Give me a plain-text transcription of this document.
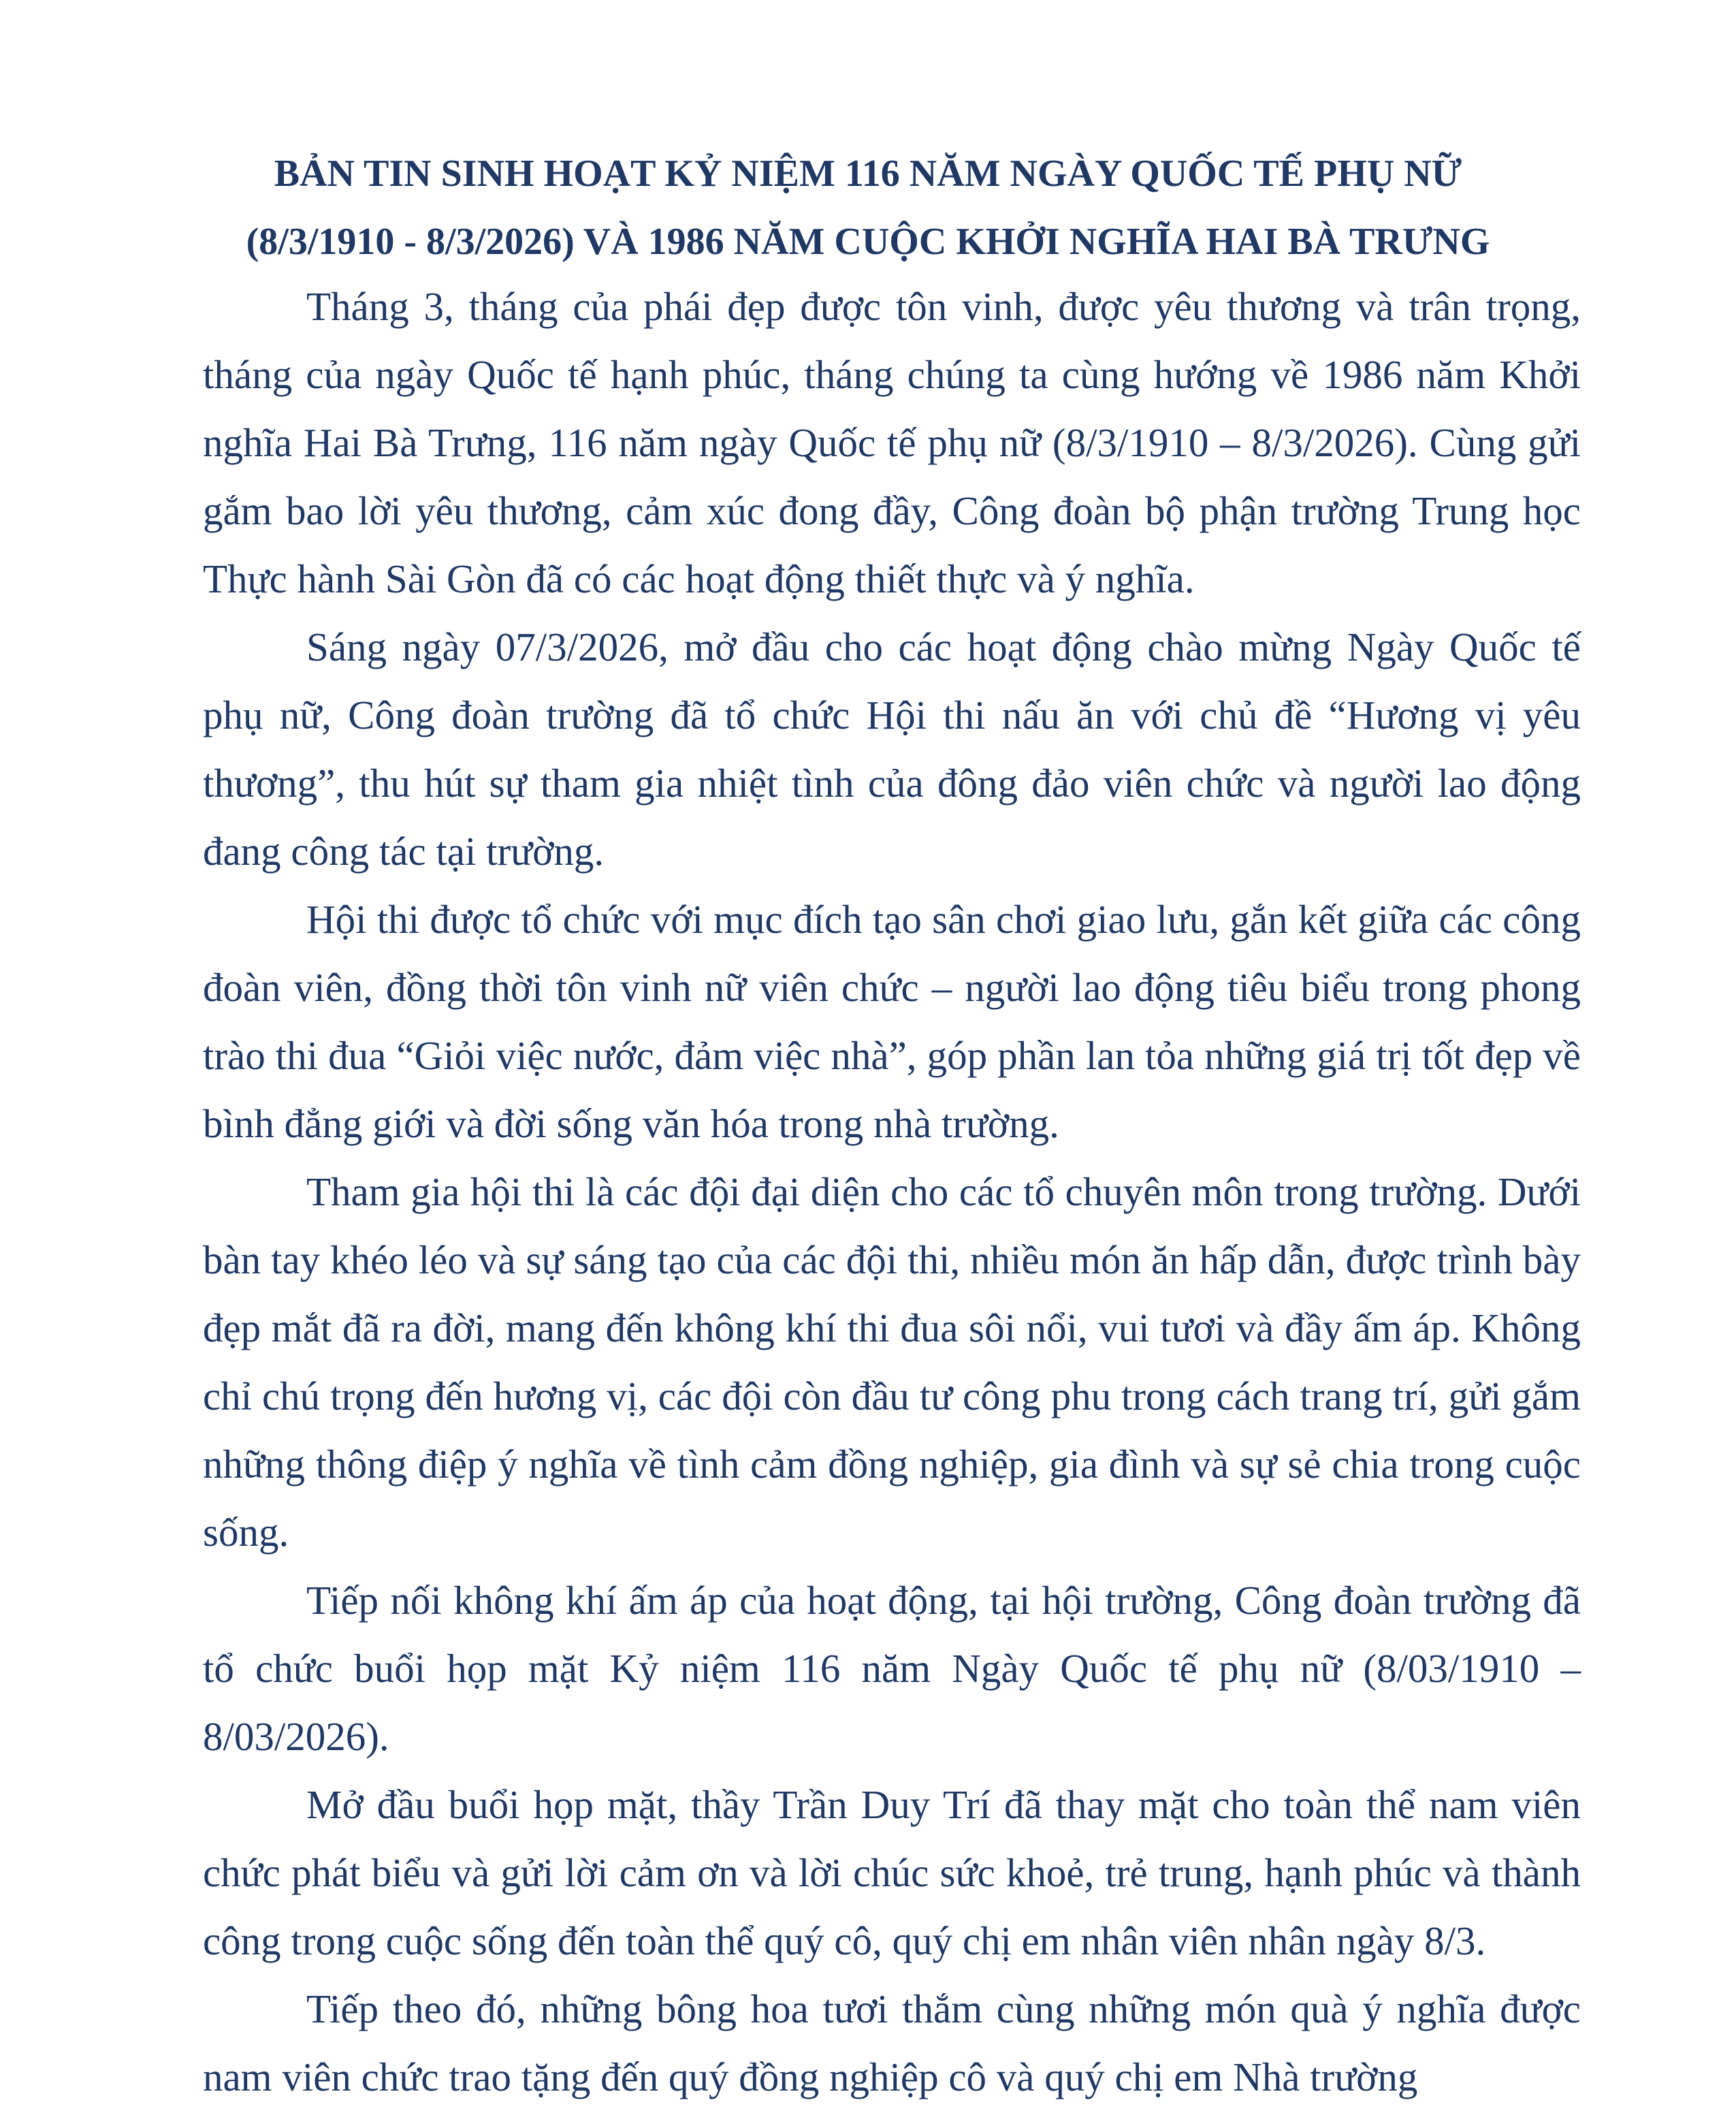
BẢN TIN SINH HOẠT KỶ NIỆM 116 NĂM NGÀY QUỐC TẾ PHỤ NỮ
(8/3/1910 - 8/3/2026) VÀ 1986 NĂM CUỘC KHỞI NGHĨA HAI BÀ TRƯNG

Tháng 3, tháng của phái đẹp được tôn vinh, được yêu thương và trân trọng, tháng của ngày Quốc tế hạnh phúc, tháng chúng ta cùng hướng về 1986 năm Khởi nghĩa Hai Bà Trưng, 116 năm ngày Quốc tế phụ nữ (8/3/1910 – 8/3/2026). Cùng gửi gắm bao lời yêu thương, cảm xúc đong đầy, Công đoàn bộ phận trường Trung học Thực hành Sài Gòn đã có các hoạt động thiết thực và ý nghĩa.

Sáng ngày 07/3/2026, mở đầu cho các hoạt động chào mừng Ngày Quốc tế phụ nữ, Công đoàn trường đã tổ chức Hội thi nấu ăn với chủ đề “Hương vị yêu thương”, thu hút sự tham gia nhiệt tình của đông đảo viên chức và người lao động đang công tác tại trường.

Hội thi được tổ chức với mục đích tạo sân chơi giao lưu, gắn kết giữa các công đoàn viên, đồng thời tôn vinh nữ viên chức – người lao động tiêu biểu trong phong trào thi đua “Giỏi việc nước, đảm việc nhà”, góp phần lan tỏa những giá trị tốt đẹp về bình đẳng giới và đời sống văn hóa trong nhà trường.

Tham gia hội thi là các đội đại diện cho các tổ chuyên môn trong trường. Dưới bàn tay khéo léo và sự sáng tạo của các đội thi, nhiều món ăn hấp dẫn, được trình bày đẹp mắt đã ra đời, mang đến không khí thi đua sôi nổi, vui tươi và đầy ấm áp. Không chỉ chú trọng đến hương vị, các đội còn đầu tư công phu trong cách trang trí, gửi gắm những thông điệp ý nghĩa về tình cảm đồng nghiệp, gia đình và sự sẻ chia trong cuộc sống.

Tiếp nối không khí ấm áp của hoạt động, tại hội trường, Công đoàn trường đã tổ chức buổi họp mặt Kỷ niệm 116 năm Ngày Quốc tế phụ nữ (8/03/1910 – 8/03/2026).

Mở đầu buổi họp mặt, thầy Trần Duy Trí đã thay mặt cho toàn thể nam viên chức phát biểu và gửi lời cảm ơn và lời chúc sức khoẻ, trẻ trung, hạnh phúc và thành công trong cuộc sống đến toàn thể quý cô, quý chị em nhân viên nhân ngày 8/3.

Tiếp theo đó, những bông hoa tươi thắm cùng những món quà ý nghĩa được nam viên chức trao tặng đến quý đồng nghiệp cô và quý chị em Nhà trường
